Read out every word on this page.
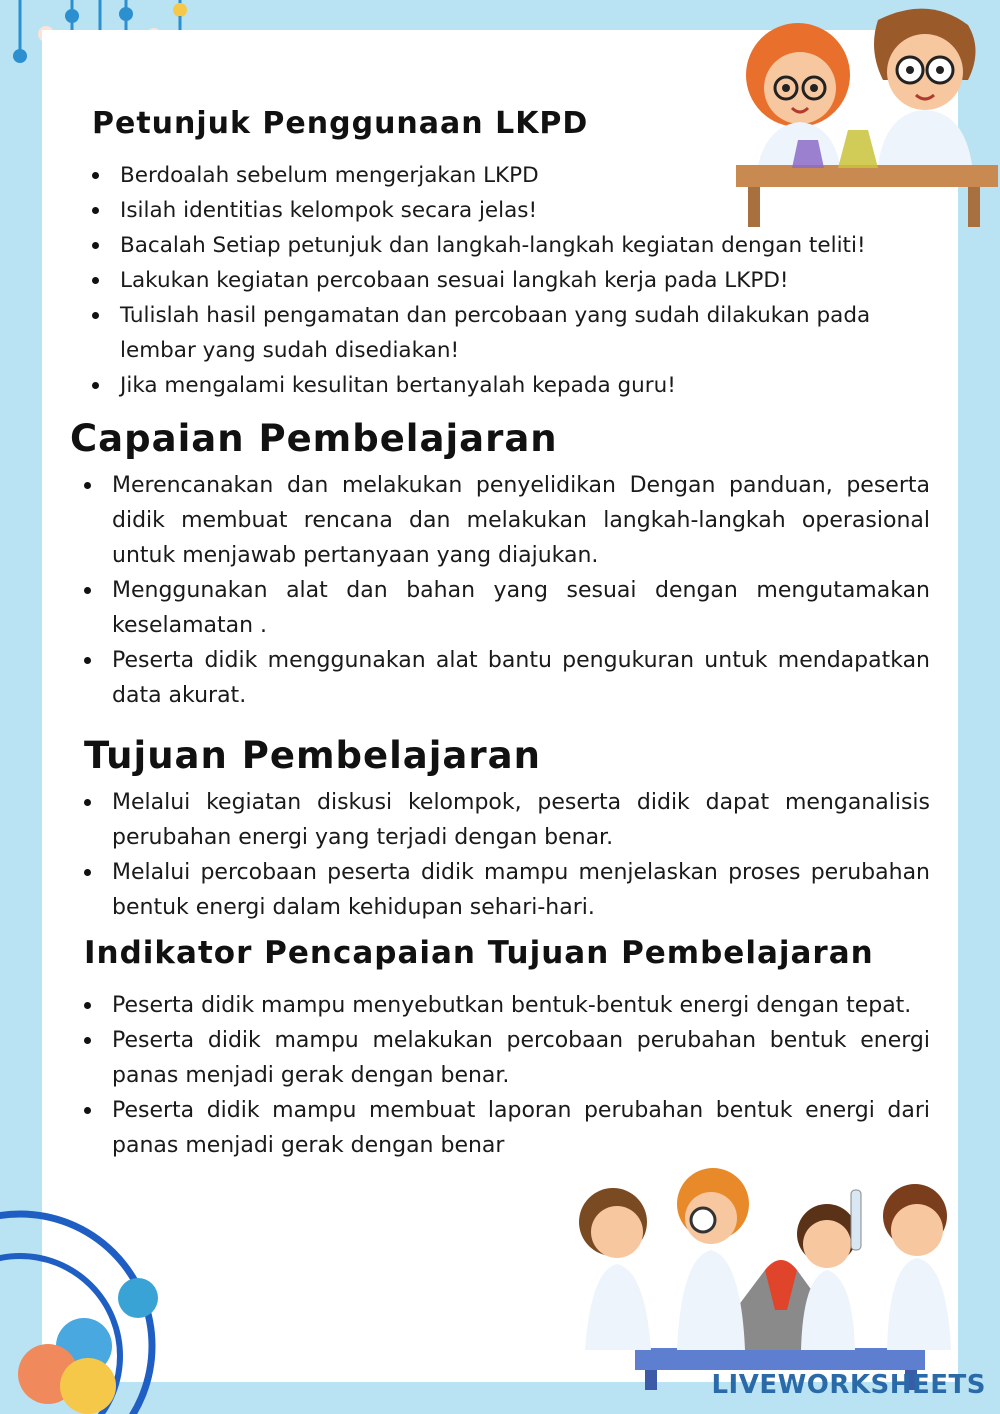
Petunjuk Penggunaan LKPD
Berdoalah sebelum mengerjakan LKPD
Isilah identitias kelompok secara jelas!
Bacalah Setiap petunjuk dan langkah-langkah kegiatan dengan teliti!
Lakukan kegiatan percobaan sesuai langkah kerja pada LKPD!
Tulislah hasil pengamatan dan percobaan yang sudah dilakukan pada lembar yang sudah disediakan!
Jika mengalami kesulitan bertanyalah kepada guru!
Capaian Pembelajaran
Merencanakan dan melakukan penyelidikan Dengan panduan, peserta didik membuat rencana dan melakukan langkah-langkah operasional untuk menjawab pertanyaan yang diajukan.
Menggunakan alat dan bahan yang sesuai dengan mengutamakan keselamatan .
Peserta didik menggunakan alat bantu pengukuran untuk mendapatkan data akurat.
Tujuan Pembelajaran
Melalui kegiatan diskusi kelompok, peserta didik dapat menganalisis perubahan energi yang terjadi dengan benar.
Melalui percobaan peserta didik mampu menjelaskan proses perubahan bentuk energi dalam kehidupan sehari-hari.
Indikator Pencapaian Tujuan Pembelajaran
Peserta didik mampu menyebutkan bentuk-bentuk energi dengan tepat.
Peserta didik mampu melakukan percobaan perubahan bentuk energi panas menjadi gerak dengan benar.
Peserta didik mampu membuat laporan perubahan bentuk energi dari panas menjadi gerak dengan benar
LIVEWORKSHEETS
